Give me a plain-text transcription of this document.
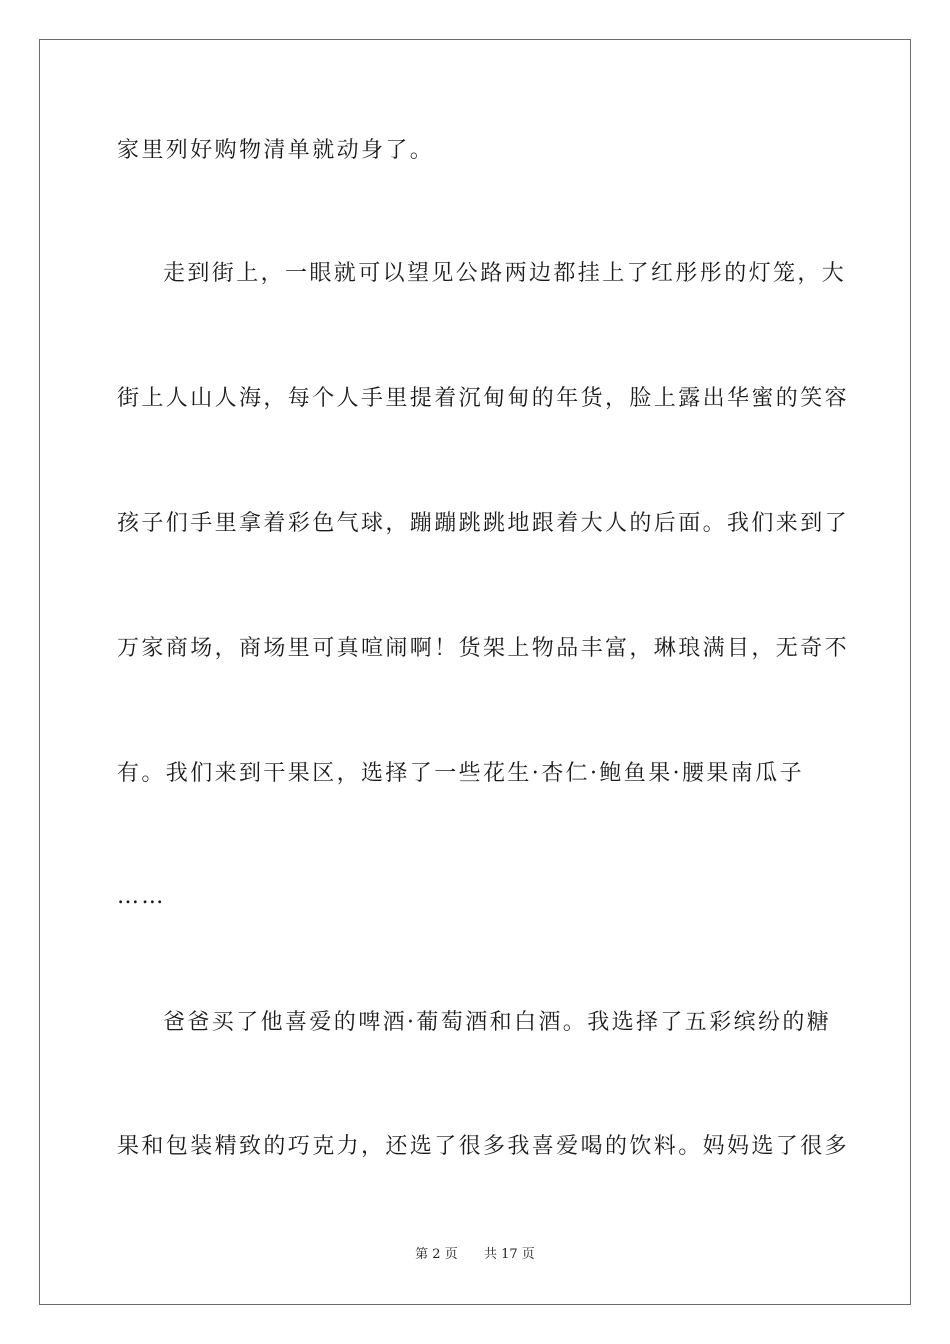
家里列好购物清单就动身了。
走到街上，一眼就可以望见公路两边都挂上了红彤彤的灯笼，大
街上人山人海，每个人手里提着沉甸甸的年货，脸上露出华蜜的笑容
孩子们手里拿着彩色气球，蹦蹦跳跳地跟着大人的后面。我们来到了
万家商场，商场里可真喧闹啊！货架上物品丰富，琳琅满目，无奇不
有。我们来到干果区，选择了一些花生·杏仁·鲍鱼果·腰果南瓜子
……
爸爸买了他喜爱的啤酒·葡萄酒和白酒。我选择了五彩缤纷的糖
果和包装精致的巧克力，还选了很多我喜爱喝的饮料。妈妈选了很多
第 2 页 共 17 页
